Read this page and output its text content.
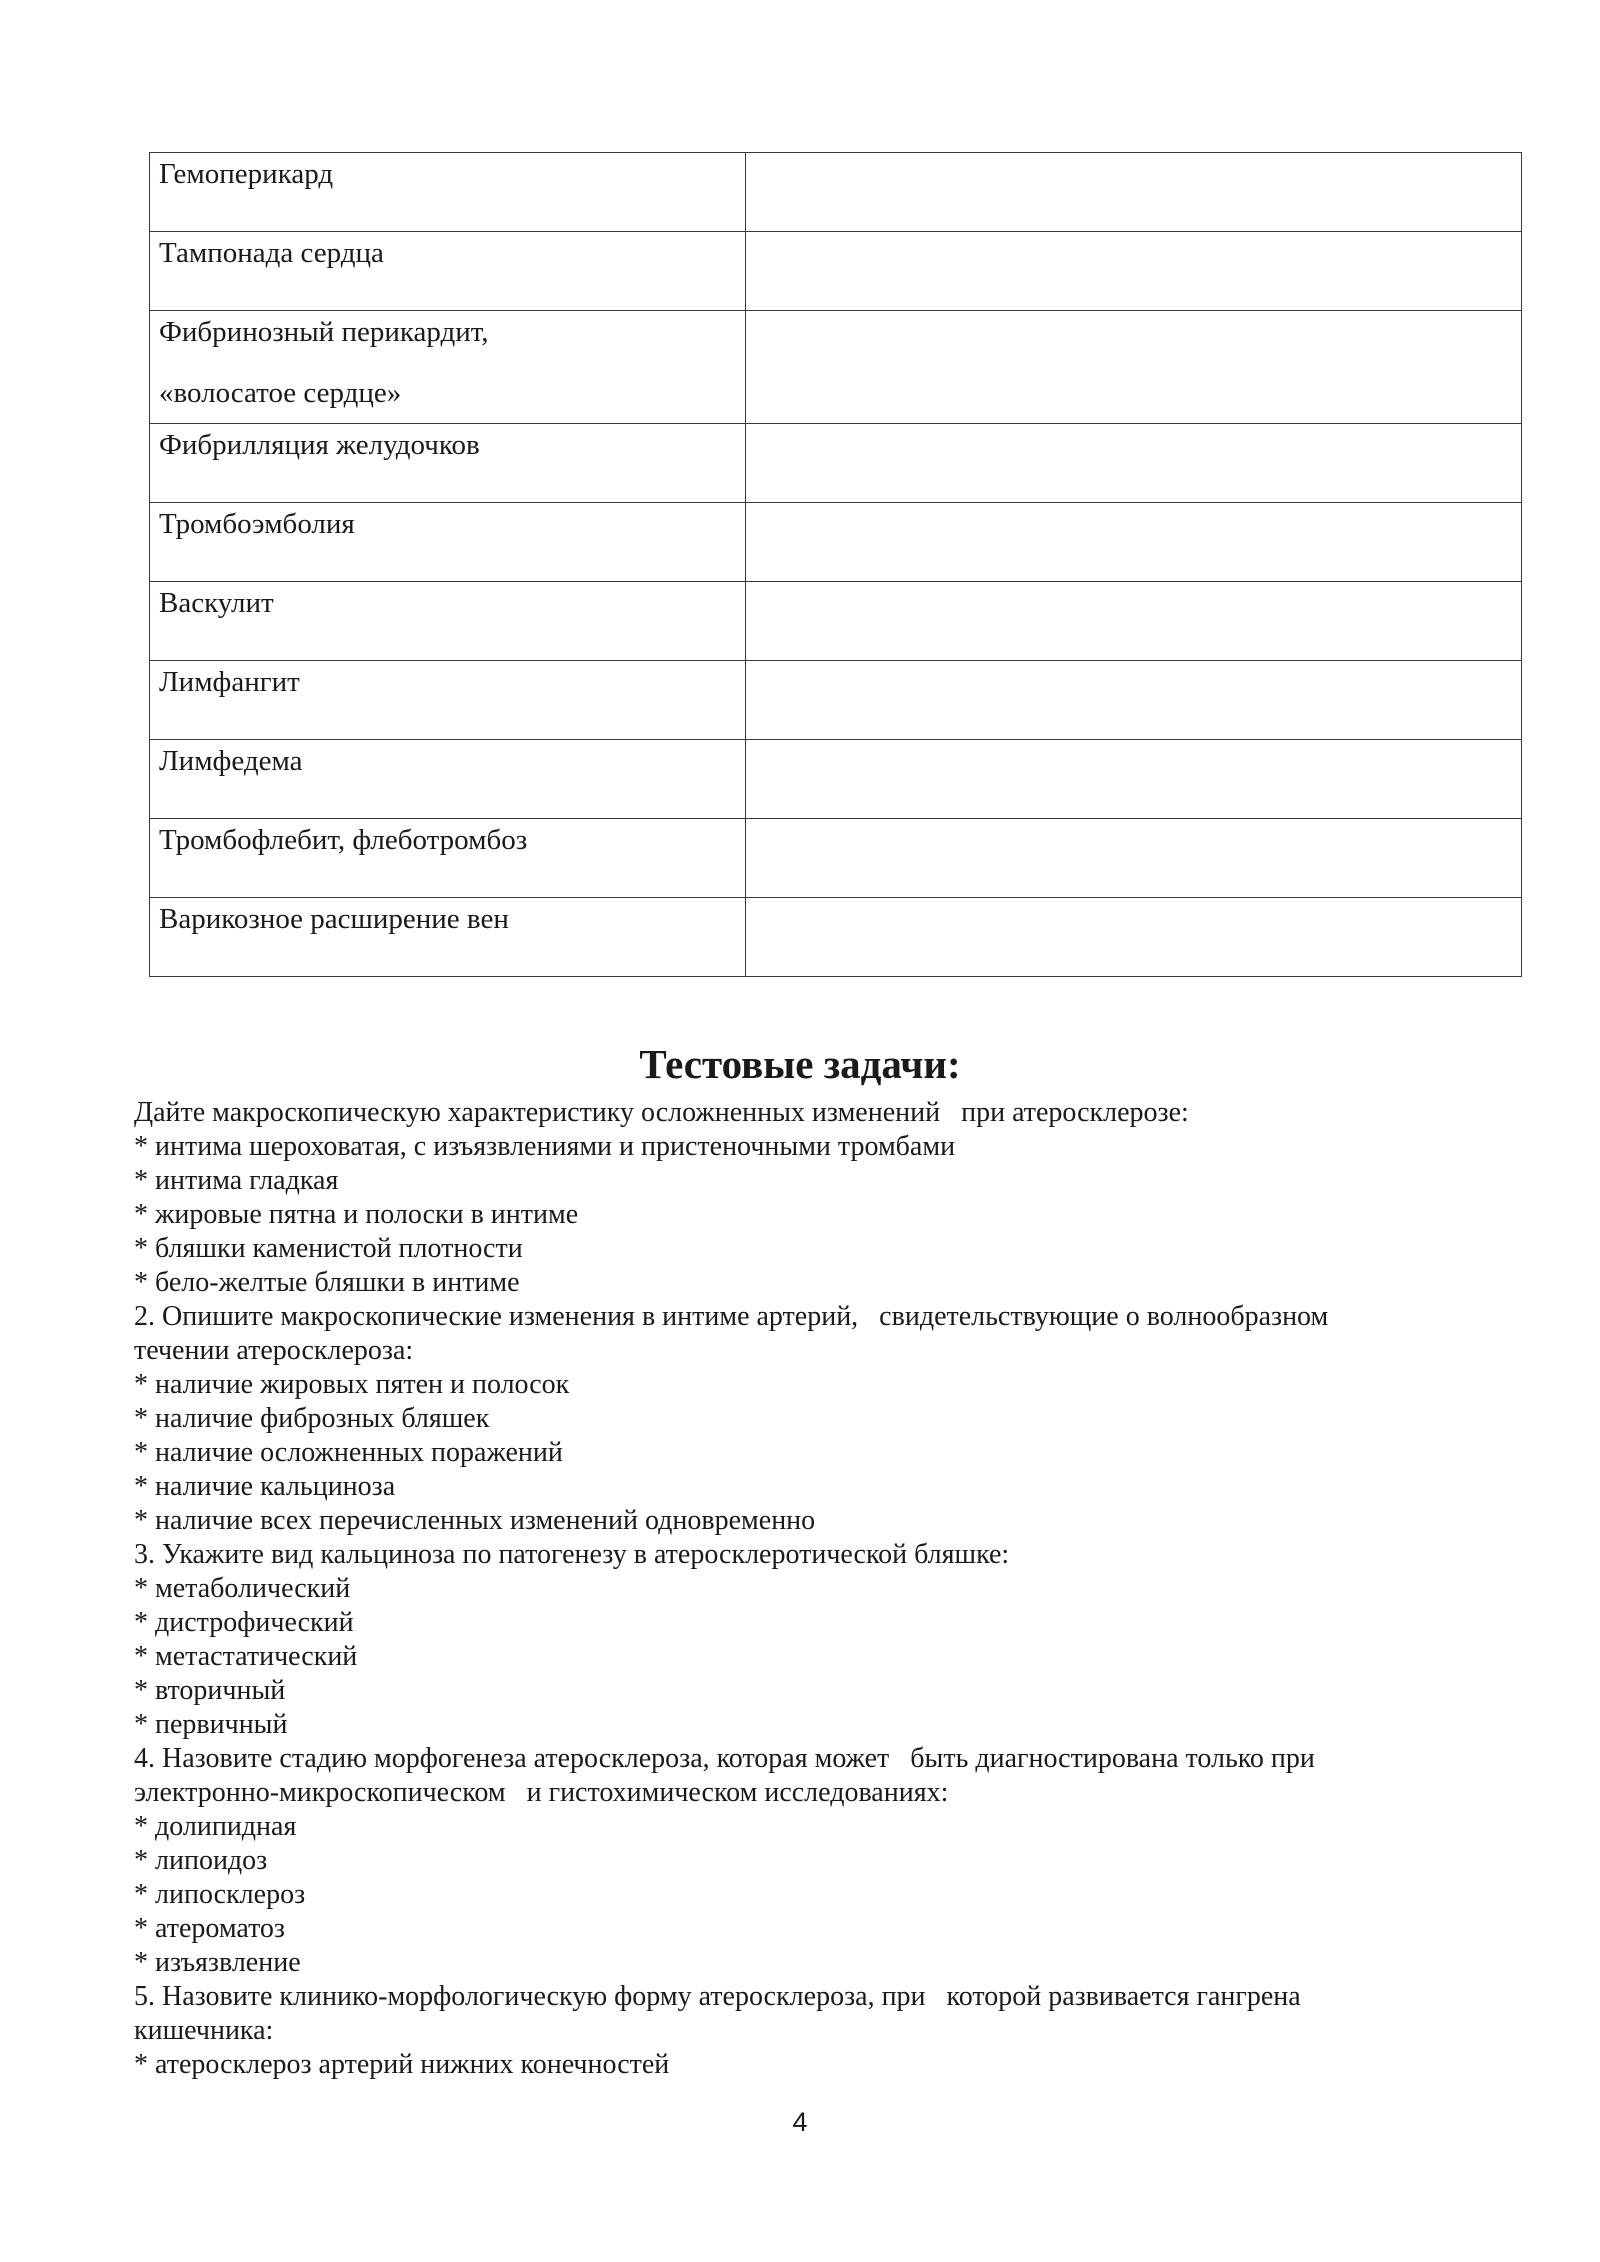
Гемоперикард	
Тампонада сердца	
Фибринозный перикардит,
«волосатое сердце»	

Фибрилляция желудочков	
Тромбоэмболия	
Васкулит	
Лимфангит	
Лимфедема	
Тромбофлебит, флеботромбоз	
Варикозное расширение вен	
Тестовые задачи:
Дайте макроскопическую характеристику осложненных изменений   при атеросклерозе:
* интима шероховатая, с изъязвлениями и пристеночными тромбами
* интима гладкая
* жировые пятна и полоски в интиме
* бляшки каменистой плотности
* бело-желтые бляшки в интиме
2. Опишите макроскопические изменения в интиме артерий,   свидетельствующие о волнообразном
течении атеросклероза:
* наличие жировых пятен и полосок
* наличие фиброзных бляшек
* наличие осложненных поражений
* наличие кальциноза
* наличие всех перечисленных изменений одновременно
3. Укажите вид кальциноза по патогенезу в атеросклеротической бляшке:
* метаболический
* дистрофический
* метастатический
* вторичный
* первичный
4. Назовите стадию морфогенеза атеросклероза, которая может   быть диагностирована только при
электронно-микроскопическом   и гистохимическом исследованиях:
* долипидная
* липоидоз
* липосклероз
* атероматоз
* изъязвление
5. Назовите клинико-морфологическую форму атеросклероза, при   которой развивается гангрена
кишечника:
* атеросклероз артерий нижних конечностей
4
